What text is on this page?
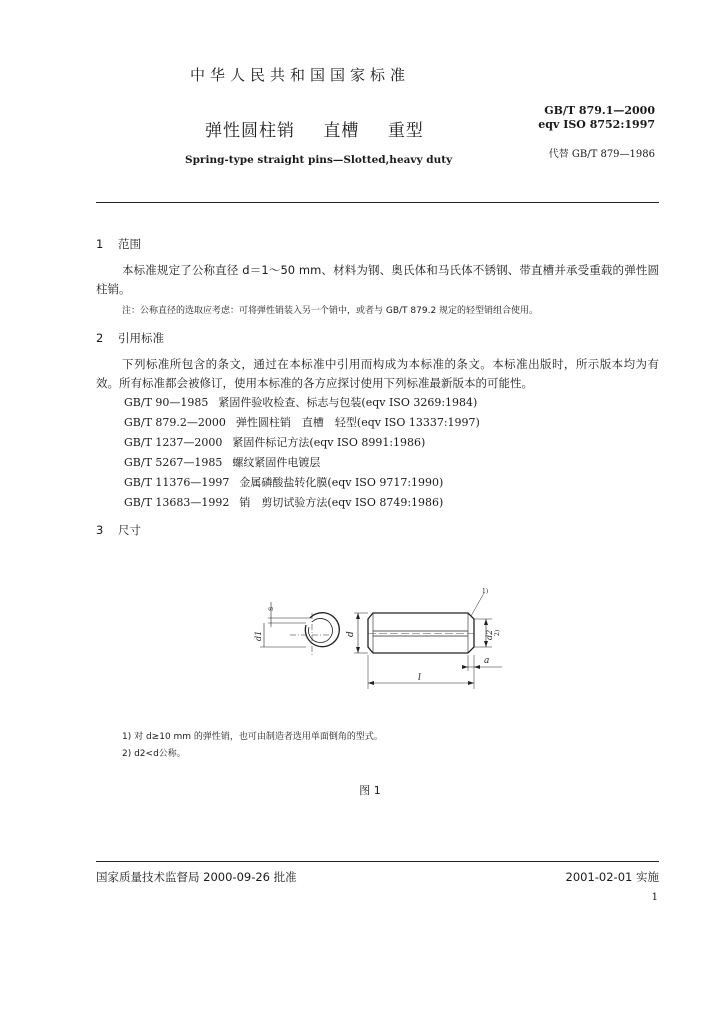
中华人民共和国国家标准
GB/T 879.1—2000
eqv ISO 8752:1997
弹性圆柱销 直槽 重型
代替 GB/T 879—1986
Spring-type straight pins—Slotted,heavy duty
1 范围
本标准规定了公称直径 d＝1～50 mm、材料为钢、奥氏体和马氏体不锈钢、带直槽并承受重载的弹性圆柱销。
注：公称直径的选取应考虑：可将弹性销装入另一个销中，或者与 GB/T 879.2 规定的轻型销组合使用。
2 引用标准
下列标准所包含的条文，通过在本标准中引用而构成为本标准的条文。本标准出版时，所示版本均为有效。所有标准都会被修订，使用本标准的各方应探讨使用下列标准最新版本的可能性。
GB/T 90—1985 紧固件验收检查、标志与包装(eqv ISO 3269:1984)
GB/T 879.2—2000 弹性圆柱销　直槽　轻型(eqv ISO 13337:1997)
GB/T 1237—2000 紧固件标记方法(eqv ISO 8991:1986)
GB/T 5267—1985 螺纹紧固件电镀层
GB/T 11376—1997 金属磷酸盐转化膜(eqv ISO 9717:1990)
GB/T 13683—1992 销　剪切试验方法(eqv ISO 8749:1986)
3 尺寸
s
d1	d	d2 2)
1)
l
a
1) 对 d≥10 mm 的弹性销，也可由制造者选用单面倒角的型式。
2) d2<d公称。
图 1
国家质量技术监督局 2000-09-26 批准	2001-02-01 实施
1
